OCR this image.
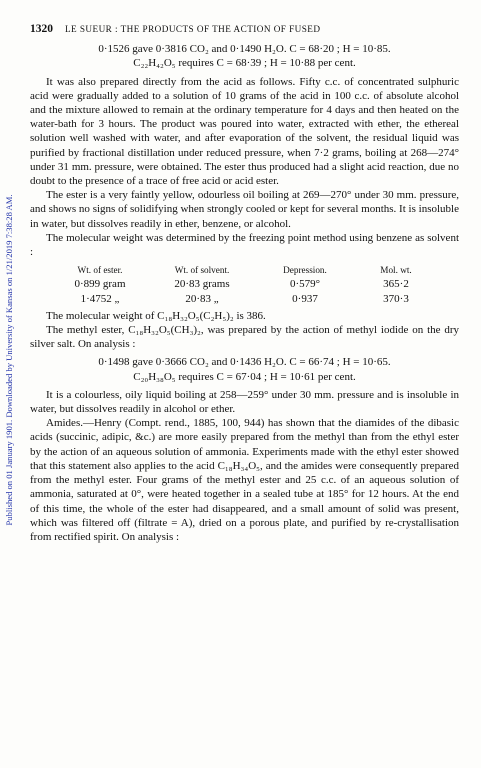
Published on 01 January 1901. Downloaded by University of Kansas on 1/21/2019 7:38:28 AM.
1320 LE SUEUR : THE PRODUCTS OF THE ACTION OF FUSED
0·1526 gave 0·3816 CO₂ and 0·1490 H₂O. C = 68·20 ; H = 10·85.
C₂₂H₄₂O₅ requires C = 68·39 ; H = 10·88 per cent.

It was also prepared directly from the acid as follows. Fifty c.c. of concentrated sulphuric acid were gradually added to a solution of 10 grams of the acid in 100 c.c. of absolute alcohol and the mixture allowed to remain at the ordinary temperature for 4 days and then heated on the water-bath for 3 hours. The product was poured into water, extracted with ether, the ethereal solution well washed with water, and after evaporation of the solvent, the residual liquid was purified by fractional distillation under reduced pressure, when 7·2 grams, boiling at 268—274° under 31 mm. pressure, were obtained. The ester thus produced had a slight acid reaction, due no doubt to the presence of a trace of free acid or acid ester.

The ester is a very faintly yellow, odourless oil boiling at 269—270° under 30 mm. pressure, and shows no signs of solidifying when strongly cooled or kept for several months. It is insoluble in water, but dissolves readily in ether, benzene, or alcohol.

The molecular weight was determined by the freezing point method using benzene as solvent :

Wt. of ester.	Wt. of solvent.	Depression.	Mol. wt.
0·899 gram	20·83 grams	0·579°	365·2
1·4752 „	20·83 „	0·937	370·3

The molecular weight of C₁₈H₃₂O₅(C₂H₅)₂ is 386.

The methyl ester, C₁₈H₃₂O₅(CH₃)₂, was prepared by the action of methyl iodide on the dry silver salt. On analysis :

0·1498 gave 0·3666 CO₂ and 0·1436 H₂O. C = 66·74 ; H = 10·65.
C₂₀H₃₈O₅ requires C = 67·04 ; H = 10·61 per cent.

It is a colourless, oily liquid boiling at 258—259° under 30 mm. pressure and is insoluble in water, but dissolves readily in alcohol or ether.

Amides.—Henry (Compt. rend., 1885, 100, 944) has shown that the diamides of the dibasic acids (succinic, adipic, &c.) are more easily prepared from the methyl than from the ethyl ester by the action of an aqueous solution of ammonia. Experiments made with the ethyl ester showed that this statement also applies to the acid C₁₈H₃₄O₅, and the amides were consequently prepared from the methyl ester. Four grams of the methyl ester and 25 c.c. of an aqueous solution of ammonia, saturated at 0°, were heated together in a sealed tube at 185° for 12 hours. At the end of this time, the whole of the ester had disappeared, and a small amount of solid was present, which was filtered off (filtrate = A), dried on a porous plate, and purified by re-crystallisation from rectified spirit. On analysis :
